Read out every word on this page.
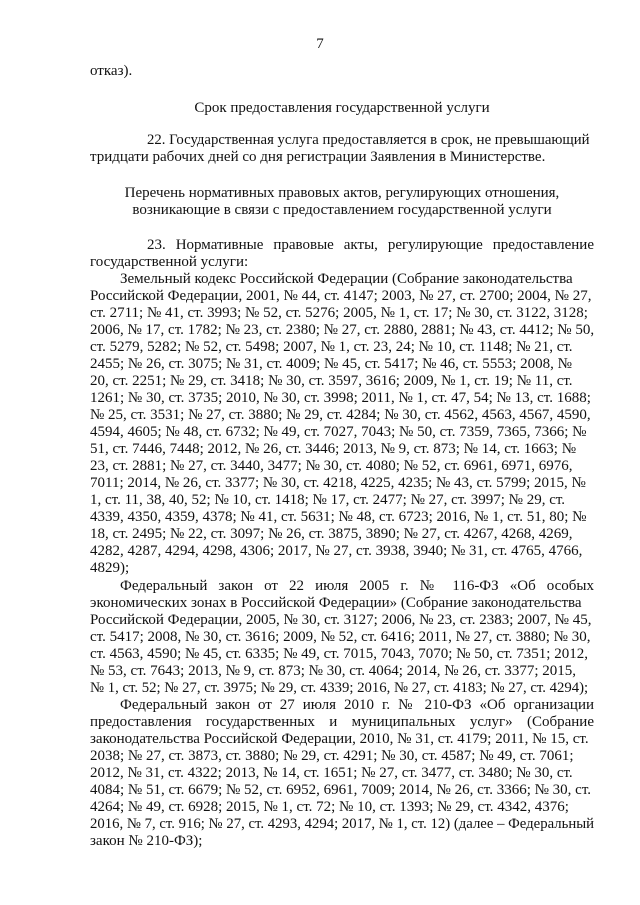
7
отказ).
Срок предоставления государственной услуги
22. Государственная услуга предоставляется в срок, не превышающий
тридцати рабочих дней со дня регистрации Заявления в Министерстве.
Перечень нормативных правовых актов, регулирующих отношения,
возникающие в связи с предоставлением государственной услуги
23. Нормативные правовые акты, регулирующие предоставление
государственной услуги:
Земельный кодекс Российской Федерации (Собрание законодательства
Российской Федерации, 2001, № 44, ст. 4147; 2003, № 27, ст. 2700; 2004, № 27,
ст. 2711; № 41, ст. 3993; № 52, ст. 5276; 2005, № 1, ст. 17; № 30, ст. 3122, 3128;
2006, № 17, ст. 1782; № 23, ст. 2380; № 27, ст. 2880, 2881; № 43, ст. 4412; № 50,
ст. 5279, 5282; № 52, ст. 5498; 2007, № 1, ст. 23, 24; № 10, ст. 1148; № 21, ст.
2455; № 26, ст. 3075; № 31, ст. 4009; № 45, ст. 5417; № 46, ст. 5553; 2008, №
20, ст. 2251; № 29, ст. 3418; № 30, ст. 3597, 3616; 2009, № 1, ст. 19; № 11, ст.
1261; № 30, ст. 3735; 2010, № 30, ст. 3998; 2011, № 1, ст. 47, 54; № 13, ст. 1688;
№ 25, ст. 3531; № 27, ст. 3880; № 29, ст. 4284; № 30, ст. 4562, 4563, 4567, 4590,
4594, 4605; № 48, ст. 6732; № 49, ст. 7027, 7043; № 50, ст. 7359, 7365, 7366; №
51, ст. 7446, 7448; 2012, № 26, ст. 3446; 2013, № 9, ст. 873; № 14, ст. 1663; №
23, ст. 2881; № 27, ст. 3440, 3477; № 30, ст. 4080; № 52, ст. 6961, 6971, 6976,
7011; 2014, № 26, ст. 3377; № 30, ст. 4218, 4225, 4235; № 43, ст. 5799; 2015, №
1, ст. 11, 38, 40, 52; № 10, ст. 1418; № 17, ст. 2477; № 27, ст. 3997; № 29, ст.
4339, 4350, 4359, 4378; № 41, ст. 5631; № 48, ст. 6723; 2016, № 1, ст. 51, 80; №
18, ст. 2495; № 22, ст. 3097; № 26, ст. 3875, 3890; № 27, ст. 4267, 4268, 4269,
4282, 4287, 4294, 4298, 4306; 2017, № 27, ст. 3938, 3940; № 31, ст. 4765, 4766,
4829);
Федеральный закон от 22 июля 2005 г. № 116-ФЗ «Об особых
экономических зонах в Российской Федерации» (Собрание законодательства
Российской Федерации, 2005, № 30, ст. 3127; 2006, № 23, ст. 2383; 2007, № 45,
ст. 5417; 2008, № 30, ст. 3616; 2009, № 52, ст. 6416; 2011, № 27, ст. 3880; № 30,
ст. 4563, 4590; № 45, ст. 6335; № 49, ст. 7015, 7043, 7070; № 50, ст. 7351; 2012,
№ 53, ст. 7643; 2013, № 9, ст. 873; № 30, ст. 4064; 2014, № 26, ст. 3377; 2015,
№ 1, ст. 52; № 27, ст. 3975; № 29, ст. 4339; 2016, № 27, ст. 4183; № 27, ст. 4294);
Федеральный закон от 27 июля 2010 г. № 210-ФЗ «Об организации
предоставления государственных и муниципальных услуг» (Собрание
законодательства Российской Федерации, 2010, № 31, ст. 4179; 2011, № 15, ст.
2038; № 27, ст. 3873, ст. 3880; № 29, ст. 4291; № 30, ст. 4587; № 49, ст. 7061;
2012, № 31, ст. 4322; 2013, № 14, ст. 1651; № 27, ст. 3477, ст. 3480; № 30, ст.
4084; № 51, ст. 6679; № 52, ст. 6952, 6961, 7009; 2014, № 26, ст. 3366; № 30, ст.
4264; № 49, ст. 6928; 2015, № 1, ст. 72; № 10, ст. 1393; № 29, ст. 4342, 4376;
2016, № 7, ст. 916; № 27, ст. 4293, 4294; 2017, № 1, ст. 12) (далее – Федеральный
закон № 210-ФЗ);
